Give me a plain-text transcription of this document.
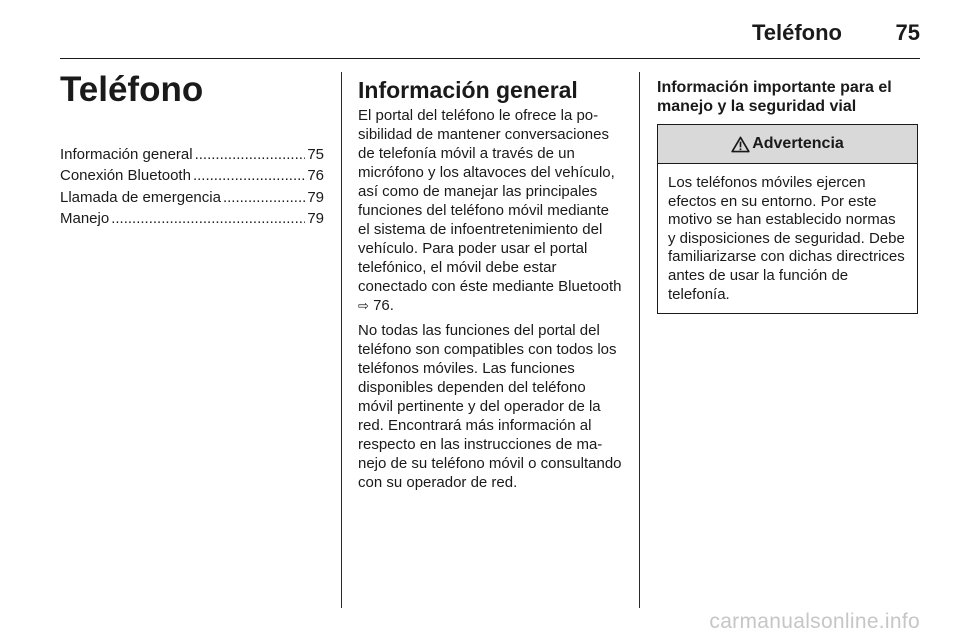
Teléfono 75
Teléfono
Información general .....	75
Conexión Bluetooth .....	76
Llamada de emergencia .....	79
Manejo .....	79
Información general

El portal del teléfono le ofrece la posibilidad de mantener conversaciones de telefonía móvil a través de un micrófono y los altavoces del vehículo, así como de manejar las principales funciones del teléfono móvil mediante el sistema de infoentretenimiento del vehículo. Para poder usar el portal telefónico, el móvil debe estar conectado con éste mediante Bluetooth ⇨ 76.

No todas las funciones del portal del teléfono son compatibles con todos los teléfonos móviles. Las funciones disponibles dependen del teléfono móvil pertinente y del operador de la red. Encontrará más información al respecto en las instrucciones de manejo de su teléfono móvil o consultando con su operador de red.

Información importante para el manejo y la seguridad vial
Advertencia
Los teléfonos móviles ejercen efectos en su entorno. Por este motivo se han establecido normas y disposiciones de seguridad. Debe familiarizarse con dichas directrices antes de usar la función de telefonía.
carmanualsonline.info
